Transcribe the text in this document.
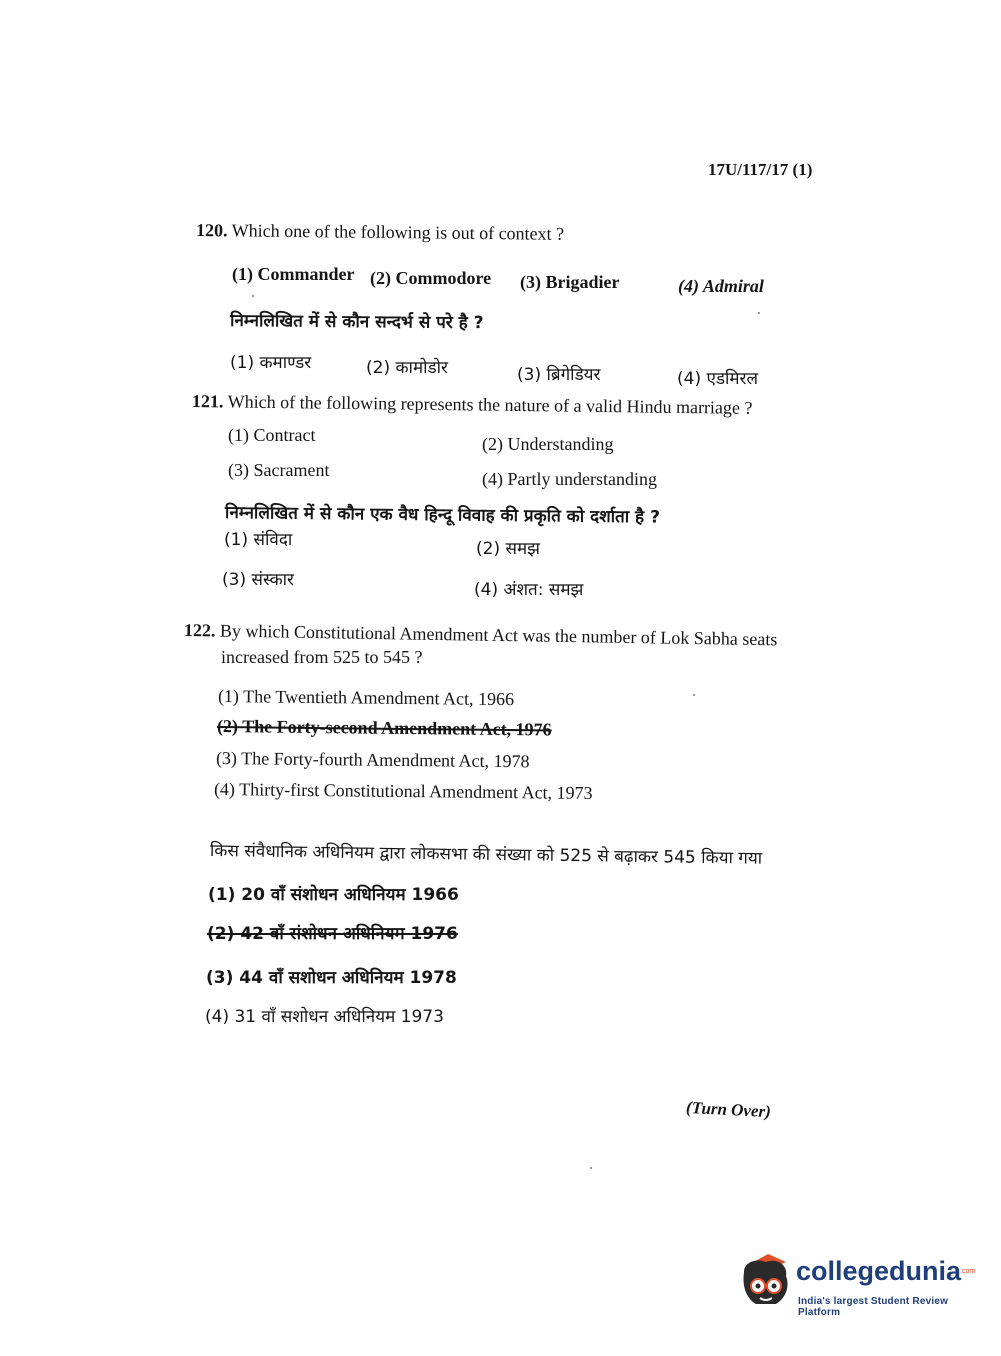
17U/117/17 (1)
120. Which one of the following is out of context ?
(1) Commander (2) Commodore (3) Brigadier	(4) Admiral
निम्नलिखित में से कौन सन्दर्भ से परे है ?
(1) कमाण्डर	(2) कामोडोर	(3) ब्रिगेडियर	(4) एडमिरल
121. Which of the following represents the nature of a valid Hindu marriage ?
(1) Contract	(2) Understanding
(3) Sacrament	(4) Partly understanding
निम्नलिखित में से कौन एक वैध हिन्दू विवाह की प्रकृति को दर्शाता है ?
(1) संविदा	(2) समझ
(3) संस्कार	(4) अंशत: समझ
122. By which Constitutional Amendment Act was the number of Lok Sabha seats
increased from 525 to 545 ?
(1) The Twentieth Amendment Act, 1966
(2) The Forty-second Amendment Act, 1976
(3) The Forty-fourth Amendment Act, 1978
(4) Thirty-first Constitutional Amendment Act, 1973
किस संवैधानिक अधिनियम द्वारा लोकसभा की संख्या को 525 से बढ़ाकर 545 किया गया
(1) 20 वाँ संशोधन अधिनियम 1966
(2) 42 वाँ संशोधन अधिनियम 1976
(3) 44 वाँ सशोधन अधिनियम 1978
(4) 31 वाँ सशोधन अधिनियम 1973
(Turn Over)
collegedunia
.com
India's largest Student Review Platform
